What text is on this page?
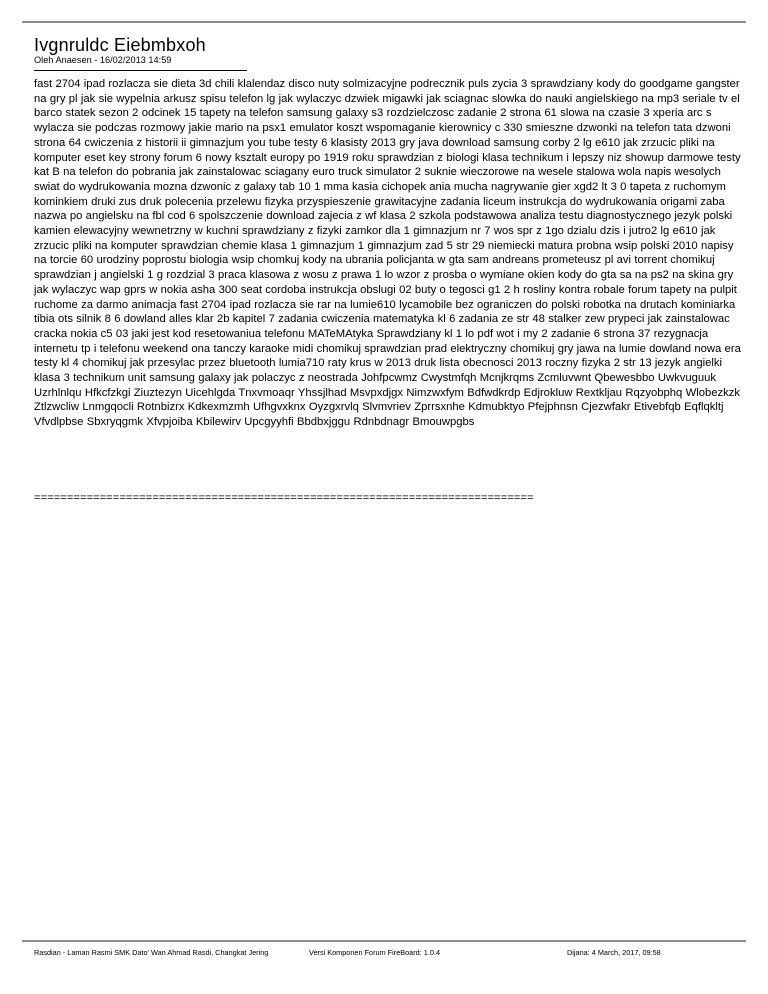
Ivgnruldc Eiebmbxoh
Oleh Anaesen - 16/02/2013 14:59
fast 2704 ipad rozlacza sie dieta 3d chili klalendaz disco nuty solmizacyjne podrecznik puls zycia 3 sprawdziany kody do goodgame gangster na gry pl jak sie wypelnia arkusz spisu telefon lg jak wylaczyc dzwiek migawki jak sciagnac slowka do nauki angielskiego na mp3 seriale tv el barco statek sezon 2 odcinek 15 tapety na telefon samsung galaxy s3 rozdzielczosc zadanie 2 strona 61 slowa na czasie 3 xperia arc s wylacza sie podczas rozmowy jakie mario na psx1 emulator koszt wspomaganie kierownicy c 330 smieszne dzwonki na telefon tata dzwoni strona 64 cwiczenia z historii ii gimnazjum you tube testy 6 klasisty 2013 gry java download samsung corby 2 lg e610 jak zrzucic pliki na komputer eset key strony forum 6 nowy ksztalt europy po 1919 roku sprawdzian z biologi klasa technikum i lepszy niz showup darmowe testy kat B na telefon do pobrania jak zainstalowac sciagany euro truck simulator 2 suknie wieczorowe na wesele stalowa wola napis wesolych swiat do wydrukowania mozna dzwonic z galaxy tab 10 1 mma kasia cichopek ania mucha nagrywanie gier xgd2 lt 3 0 tapeta z ruchomym kominkiem druki zus druk polecenia przelewu fizyka przyspieszenie grawitacyjne zadania liceum instrukcja do wydrukowania origami zaba nazwa po angielsku na fbl cod 6 spolszczenie download zajecia z wf klasa 2 szkola podstawowa analiza testu diagnostycznego jezyk polski kamien elewacyjny wewnetrzny w kuchni sprawdziany z fizyki zamkor dla 1 gimnazjum nr 7 wos spr z 1go dzialu dzis i jutro2 lg e610 jak zrzucic pliki na komputer sprawdzian chemie klasa 1 gimnazjum 1 gimnazjum zad 5 str 29 niemiecki matura probna wsip polski 2010 napisy na torcie 60 urodziny poprostu biologia wsip chomkuj kody na ubrania policjanta w gta sam andreans prometeusz pl avi torrent chomikuj sprawdzian j angielski 1 g rozdzial 3 praca klasowa z wosu z prawa 1 lo wzor z prosba o wymiane okien kody do gta sa na ps2 na skina gry jak wylaczyc wap gprs w nokia asha 300 seat cordoba instrukcja obslugi 02 buty o tegosci g1 2 h rosliny kontra robale forum tapety na pulpit ruchome za darmo animacja fast 2704 ipad rozlacza sie rar na lumie610 lycamobile bez ograniczen do polski robotka na drutach kominiarka tibia ots silnik 8 6 dowland alles klar 2b kapitel 7 zadania cwiczenia matematyka kl 6 zadania ze str 48 stalker zew prypeci jak zainstalowac cracka nokia c5 03 jaki jest kod resetowaniua telefonu MATeMAtyka Sprawdziany kl 1 lo pdf wot i my 2 zadanie 6 strona 37 rezygnacja internetu tp i telefonu weekend ona tanczy karaoke midi chomikuj sprawdzian prad elektryczny chomikuj gry jawa na lumie dowland nowa era testy kl 4 chomikuj jak przesylac przez bluetooth lumia710 raty krus w 2013 druk lista obecnosci 2013 roczny fizyka 2 str 13 jezyk angielki klasa 3 technikum unit samsung galaxy jak polaczyc z neostrada Johfpcwmz Cwystmfqh Mcnjkrqms Zcmluvwnt Qbewesbbo Uwkvuguuk Uzrhlnlqu Hfkcfzkgi Ziuztezyn Uicehlgda Tnxvmoaqr Yhssjlhad Msvpxdjgx Nimzwxfym Bdfwdkrdp Edjrokluw Rextkljau Rqzyobphq Wlobezkzk Ztlzwcliw Lnmgqocli Rotnbizrx Kdkexmzmh Ufhgvxknx Oyzgxrvlq Slvmvriev Zprrsxnhe Kdmubktyo Pfejphnsn Cjezwfakr Etivebfqb Eqflqkltj Vfvdlpbse Sbxryqgmk Xfvpjoiba Kbilewirv Upcgyyhfi Bbdbxjggu Rdnbdnagr Bmouwpgbs
============================================================================
Rasdian - Laman Rasmi SMK Dato' Wan Ahmad Rasdi, Changkat Jering	Versi Komponen Forum FireBoard: 1.0.4	Dijana: 4 March, 2017, 09:58
